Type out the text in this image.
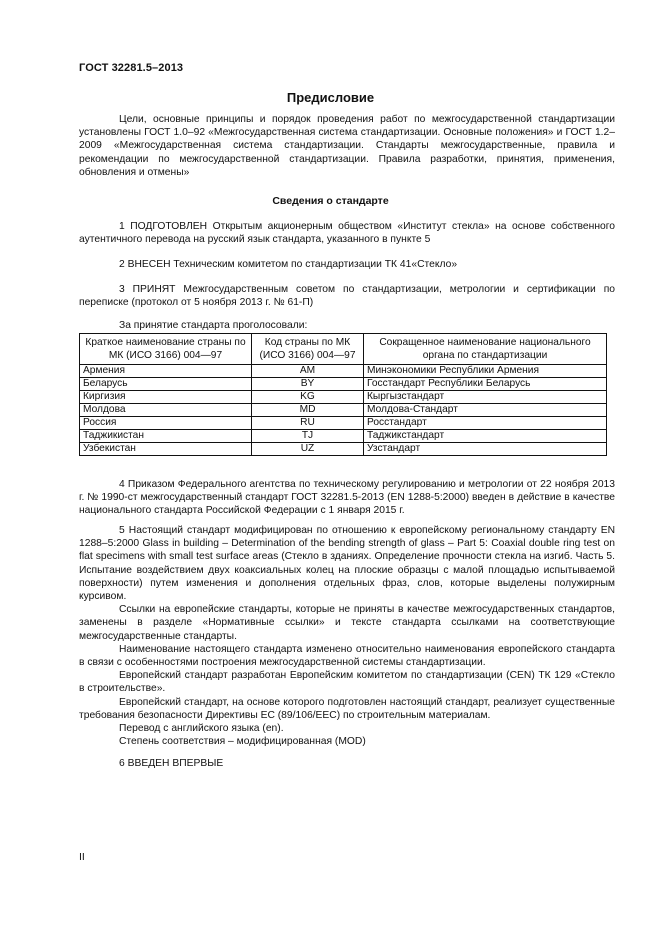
ГОСТ 32281.5–2013
Предисловие

Цели, основные принципы и порядок проведения работ по межгосударственной стандартизации установлены ГОСТ 1.0–92 «Межгосударственная система стандартизации. Основные положения» и ГОСТ 1.2–2009 «Межгосударственная система стандартизации. Стандарты межгосударственные, правила и рекомендации по межгосударственной стандартизации. Правила разработки, принятия, применения, обновления и отмены»

Сведения о стандарте

1 ПОДГОТОВЛЕН Открытым акционерным обществом «Институт стекла» на основе собственного аутентичного перевода на русский язык стандарта, указанного в пункте 5

2 ВНЕСЕН Техническим комитетом по стандартизации ТК 41«Стекло»

3 ПРИНЯТ Межгосударственным советом по стандартизации, метрологии и сертификации по переписке (протокол от 5 ноября 2013 г. № 61-П)

За принятие стандарта проголосовали:
Краткое наименование страны по МК (ИСО 3166) 004—97	Код страны по МК (ИСО 3166) 004—97	Сокращенное наименование национального органа по стандартизации
Армения	AM	Минэкономики Республики Армения
Беларусь	BY	Госстандарт Республики Беларусь
Киргизия	KG	Кыргызстандарт
Молдова	MD	Молдова-Стандарт
Россия	RU	Росстандарт
Таджикистан	TJ	Таджикстандарт
Узбекистан	UZ	Узстандарт

4 Приказом Федерального агентства по техническому регулированию и метрологии от 22 ноября 2013 г. № 1990-ст межгосударственный стандарт ГОСТ 32281.5-2013 (EN 1288-5:2000) введен в действие в качестве национального стандарта Российской Федерации с 1 января 2015 г.

5 Настоящий стандарт модифицирован по отношению к европейскому региональному стандарту EN 1288–5:2000 Glass in building – Determination of the bending strength of glass – Part 5: Coaxial double ring test on flat specimens with small test surface areas (Стекло в зданиях. Определение прочности стекла на изгиб. Часть 5. Испытание воздействием двух коаксиальных колец на плоские образцы с малой площадью испытываемой поверхности) путем изменения и дополнения отдельных фраз, слов, которые выделены полужирным курсивом.

Ссылки на европейские стандарты, которые не приняты в качестве межгосударственных стандартов, заменены в разделе «Нормативные ссылки» и тексте стандарта ссылками на соответствующие межгосударственные стандарты.

Наименование настоящего стандарта изменено относительно наименования европейского стандарта в связи с особенностями построения межгосударственной системы стандартизации.

Европейский стандарт разработан Европейским комитетом по стандартизации (CEN) ТК 129 «Стекло в строительстве».

Европейский стандарт, на основе которого подготовлен настоящий стандарт, реализует существенные требования безопасности Директивы ЕС (89/106/EEC) по строительным материалам.

Перевод с английского языка (en).

Степень соответствия – модифицированная (MOD)

6 ВВЕДЕН ВПЕРВЫЕ

II
